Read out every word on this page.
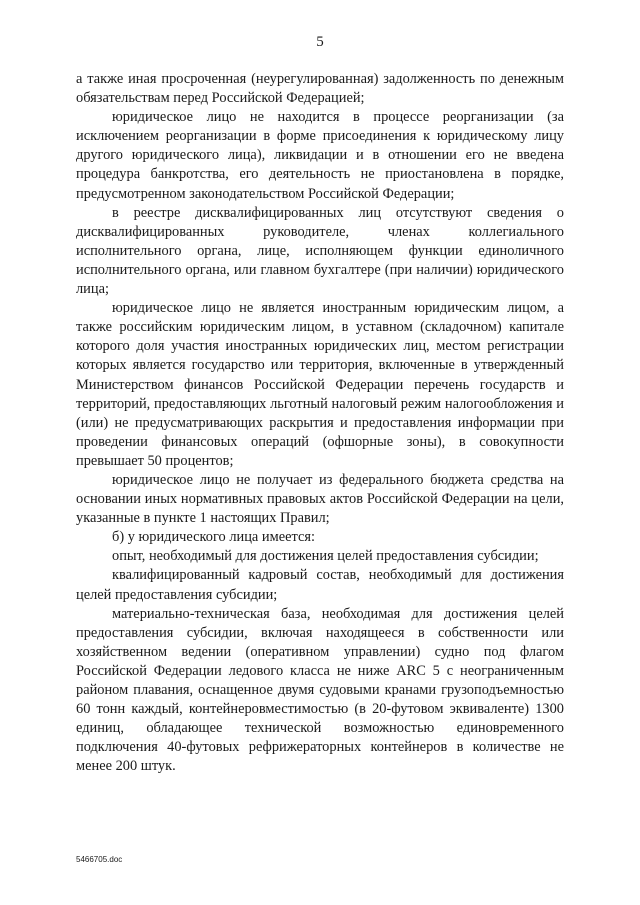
5

а также иная просроченная (неурегулированная) задолженность по денежным обязательствам перед Российской Федерацией;

юридическое лицо не находится в процессе реорганизации (за исключением реорганизации в форме присоединения к юридическому лицу другого юридического лица), ликвидации и в отношении его не введена процедура банкротства, его деятельность не приостановлена в порядке, предусмотренном законодательством Российской Федерации;

в реестре дисквалифицированных лиц отсутствуют сведения о дисквалифицированных руководителе, членах коллегиального исполнительного органа, лице, исполняющем функции единоличного исполнительного органа, или главном бухгалтере (при наличии) юридического лица;

юридическое лицо не является иностранным юридическим лицом, а также российским юридическим лицом, в уставном (складочном) капитале которого доля участия иностранных юридических лиц, местом регистрации которых является государство или территория, включенные в утвержденный Министерством финансов Российской Федерации перечень государств и территорий, предоставляющих льготный налоговый режим налогообложения и (или) не предусматривающих раскрытия и предоставления информации при проведении финансовых операций (офшорные зоны), в совокупности превышает 50 процентов;

юридическое лицо не получает из федерального бюджета средства на основании иных нормативных правовых актов Российской Федерации на цели, указанные в пункте 1 настоящих Правил;

б) у юридического лица имеется:

опыт, необходимый для достижения целей предоставления субсидии;

квалифицированный кадровый состав, необходимый для достижения целей предоставления субсидии;

материально-техническая база, необходимая для достижения целей предоставления субсидии, включая находящееся в собственности или хозяйственном ведении (оперативном управлении) судно под флагом Российской Федерации ледового класса не ниже ARC 5 с неограниченным районом плавания, оснащенное двумя судовыми кранами грузоподъемностью 60 тонн каждый, контейнеровместимостью (в 20-футовом эквиваленте) 1300 единиц, обладающее технической возможностью единовременного подключения 40-футовых рефрижераторных контейнеров в количестве не менее 200 штук.

5466705.doc
